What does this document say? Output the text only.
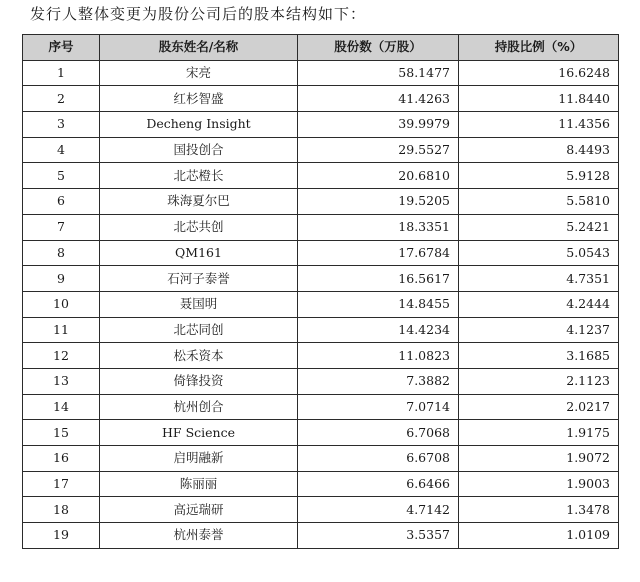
发行人整体变更为股份公司后的股本结构如下：
序号	股东姓名/名称	股份数（万股）	持股比例（%）
1	宋亮	58.1477	16.6248
2	红杉智盛	41.4263	11.8440
3	Decheng Insight	39.9979	11.4356
4	国投创合	29.5527	8.4493
5	北芯橙长	20.6810	5.9128
6	珠海夏尔巴	19.5205	5.5810
7	北芯共创	18.3351	5.2421
8	QM161	17.6784	5.0543
9	石河子泰誉	16.5617	4.7351
10	聂国明	14.8455	4.2444
11	北芯同创	14.4234	4.1237
12	松禾资本	11.0823	3.1685
13	倚锋投资	7.3882	2.1123
14	杭州创合	7.0714	2.0217
15	HF Science	6.7068	1.9175
16	启明融新	6.6708	1.9072
17	陈丽丽	6.6466	1.9003
18	高远瑞研	4.7142	1.3478
19	杭州泰誉	3.5357	1.0109
